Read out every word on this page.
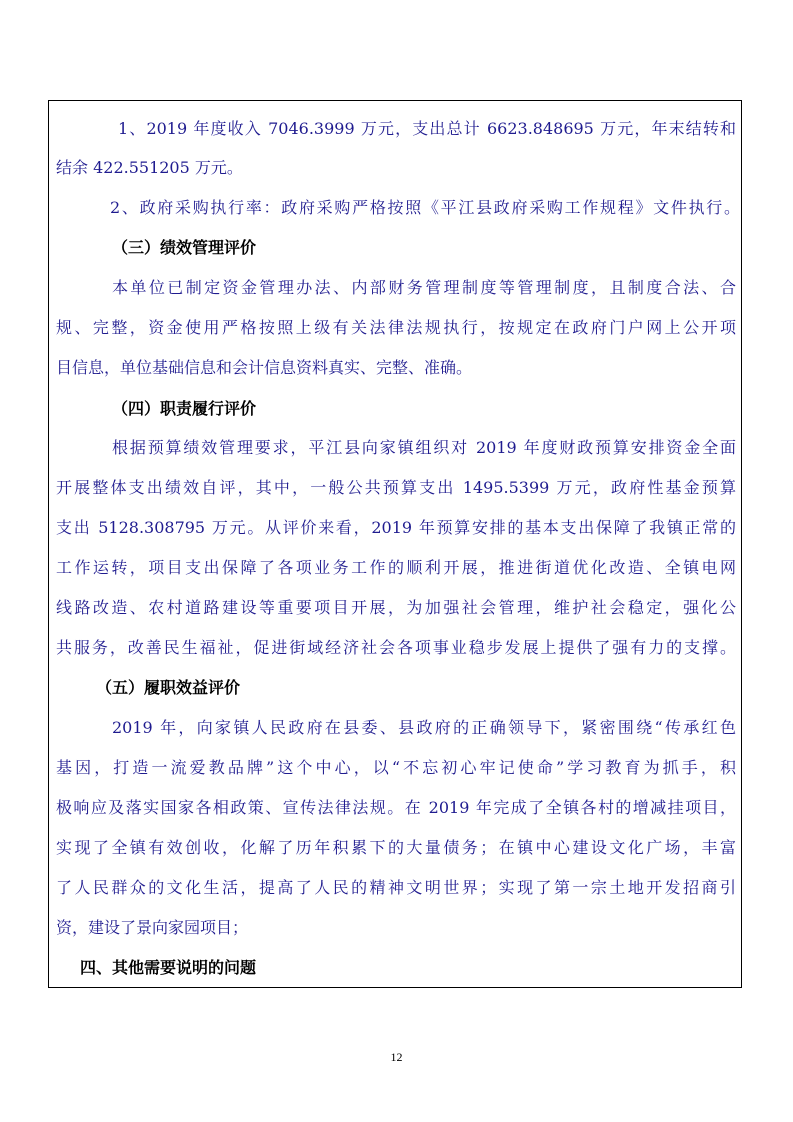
1、2019 年度收入 7046.3999 万元，支出总计 6623.848695 万元，年末结转和
结余 422.551205 万元。
2、政府采购执行率：政府采购严格按照《平江县政府采购工作规程》文件执行。
（三）绩效管理评价
本单位已制定资金管理办法、内部财务管理制度等管理制度，且制度合法、合
规、完整，资金使用严格按照上级有关法律法规执行，按规定在政府门户网上公开项
目信息，单位基础信息和会计信息资料真实、完整、准确。
（四）职责履行评价
根据预算绩效管理要求，平江县向家镇组织对 2019 年度财政预算安排资金全面
开展整体支出绩效自评，其中，一般公共预算支出 1495.5399 万元，政府性基金预算
支出 5128.308795 万元。从评价来看，2019 年预算安排的基本支出保障了我镇正常的
工作运转，项目支出保障了各项业务工作的顺利开展，推进街道优化改造、全镇电网
线路改造、农村道路建设等重要项目开展，为加强社会管理，维护社会稳定，强化公
共服务，改善民生福祉，促进街域经济社会各项事业稳步发展上提供了强有力的支撑。
（五）履职效益评价
2019 年，向家镇人民政府在县委、县政府的正确领导下，紧密围绕“传承红色
基因，打造一流爱教品牌”这个中心，以“不忘初心牢记使命”学习教育为抓手，积
极响应及落实国家各相政策、宣传法律法规。在 2019 年完成了全镇各村的增减挂项目，
实现了全镇有效创收，化解了历年积累下的大量债务；在镇中心建设文化广场，丰富
了人民群众的文化生活，提高了人民的精神文明世界；实现了第一宗土地开发招商引
资，建设了景向家园项目；
四、其他需要说明的问题
12
